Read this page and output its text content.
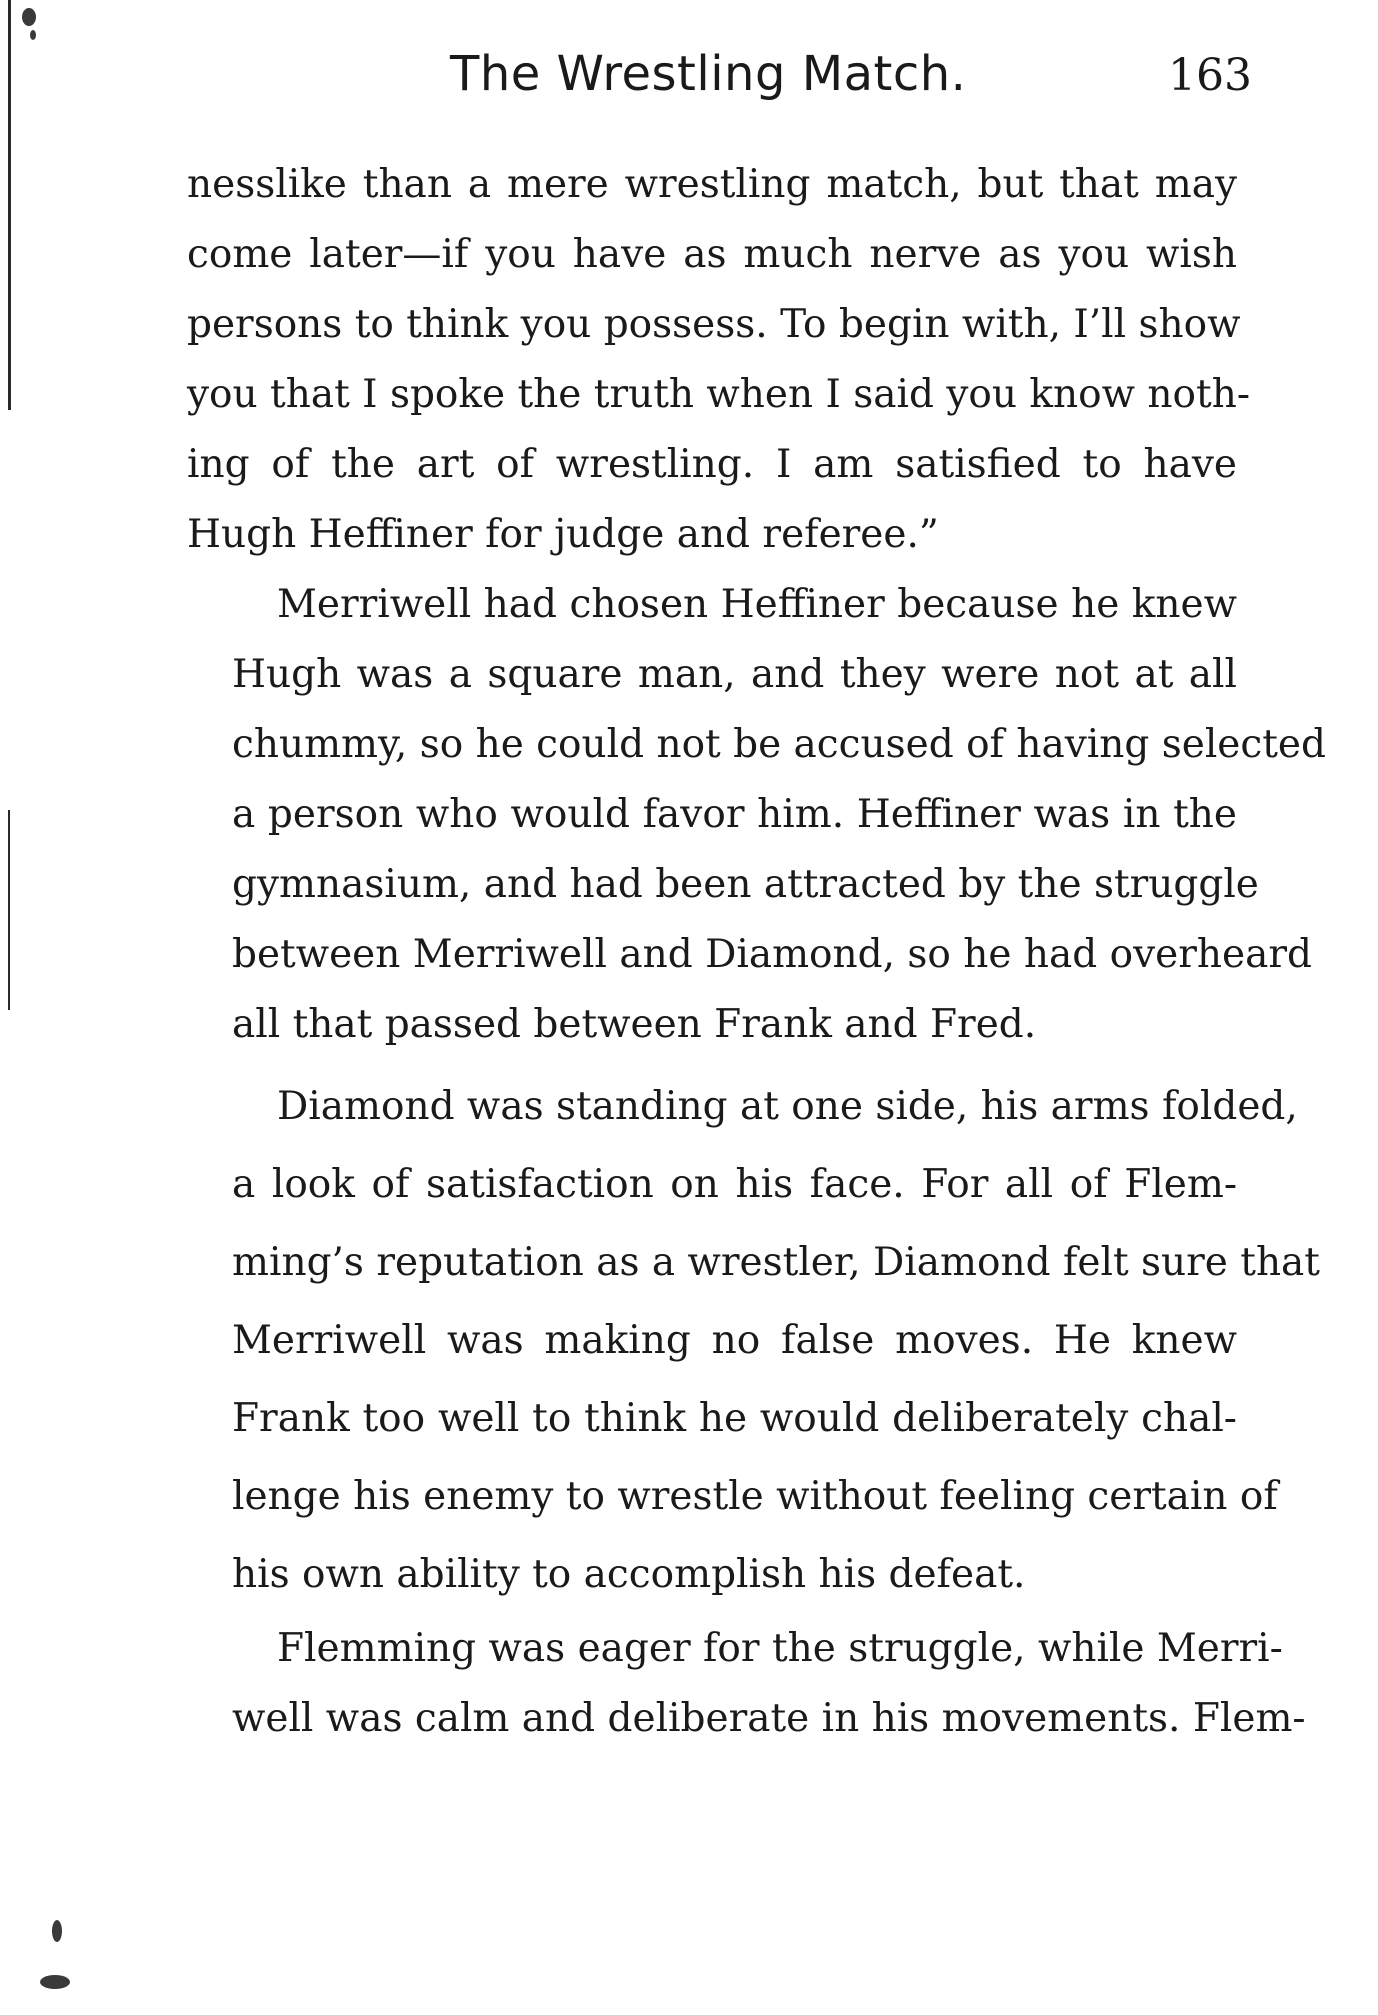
The Wrestling Match.	163
nesslike than a mere wrestling match, but that may
come later—if you have as much nerve as you wish
persons to think you possess. To begin with, I’ll show
you that I spoke the truth when I said you know noth-
ing of the art of wrestling. I am satisfied to have
Hugh Heffiner for judge and referee.”
Merriwell had chosen Heffiner because he knew
Hugh was a square man, and they were not at all
chummy, so he could not be accused of having selected
a person who would favor him. Heffiner was in the
gymnasium, and had been attracted by the struggle
between Merriwell and Diamond, so he had overheard
all that passed between Frank and Fred.
Diamond was standing at one side, his arms folded,
a look of satisfaction on his face. For all of Flem-
ming’s reputation as a wrestler, Diamond felt sure that
Merriwell was making no false moves. He knew
Frank too well to think he would deliberately chal-
lenge his enemy to wrestle without feeling certain of
his own ability to accomplish his defeat.
Flemming was eager for the struggle, while Merri-
well was calm and deliberate in his movements. Flem-
